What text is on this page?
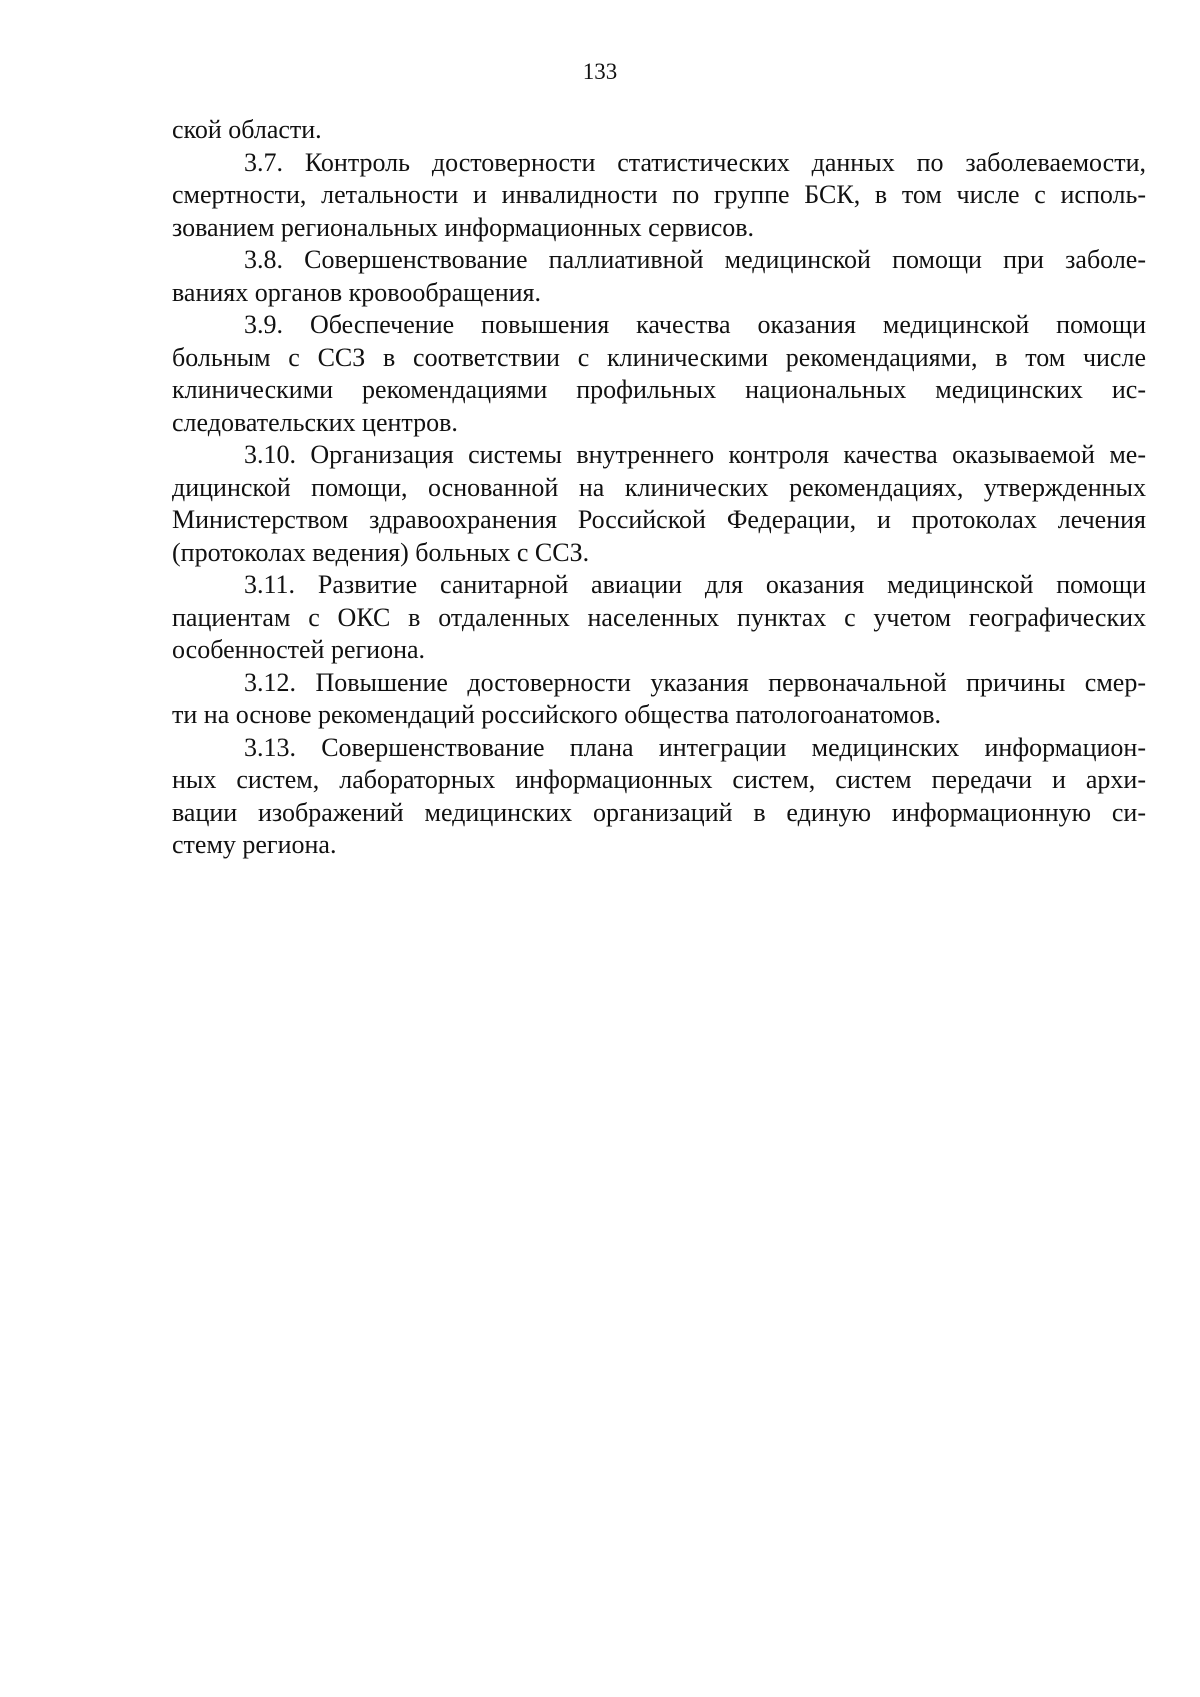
133
ской области.
3.7. Контроль достоверности статистических данных по заболеваемости,
смертности, летальности и инвалидности по группе БСК, в том числе с исполь-
зованием региональных информационных сервисов.
3.8. Совершенствование паллиативной медицинской помощи при заболе-
ваниях органов кровообращения.
3.9. Обеспечение повышения качества оказания медицинской помощи
больным с ССЗ в соответствии с клиническими рекомендациями, в том числе
клиническими рекомендациями профильных национальных медицинских ис-
следовательских центров.
3.10. Организация системы внутреннего контроля качества оказываемой ме-
дицинской помощи, основанной на клинических рекомендациях, утвержденных
Министерством здравоохранения Российской Федерации, и протоколах лечения
(протоколах ведения) больных с ССЗ.
3.11. Развитие санитарной авиации для оказания медицинской помощи
пациентам с ОКС в отдаленных населенных пунктах с учетом географических
особенностей региона.
3.12. Повышение достоверности указания первоначальной причины смер-
ти на основе рекомендаций российского общества патологоанатомов.
3.13. Совершенствование плана интеграции медицинских информацион-
ных систем, лабораторных информационных систем, систем передачи и архи-
вации изображений медицинских организаций в единую информационную си-
стему региона.
